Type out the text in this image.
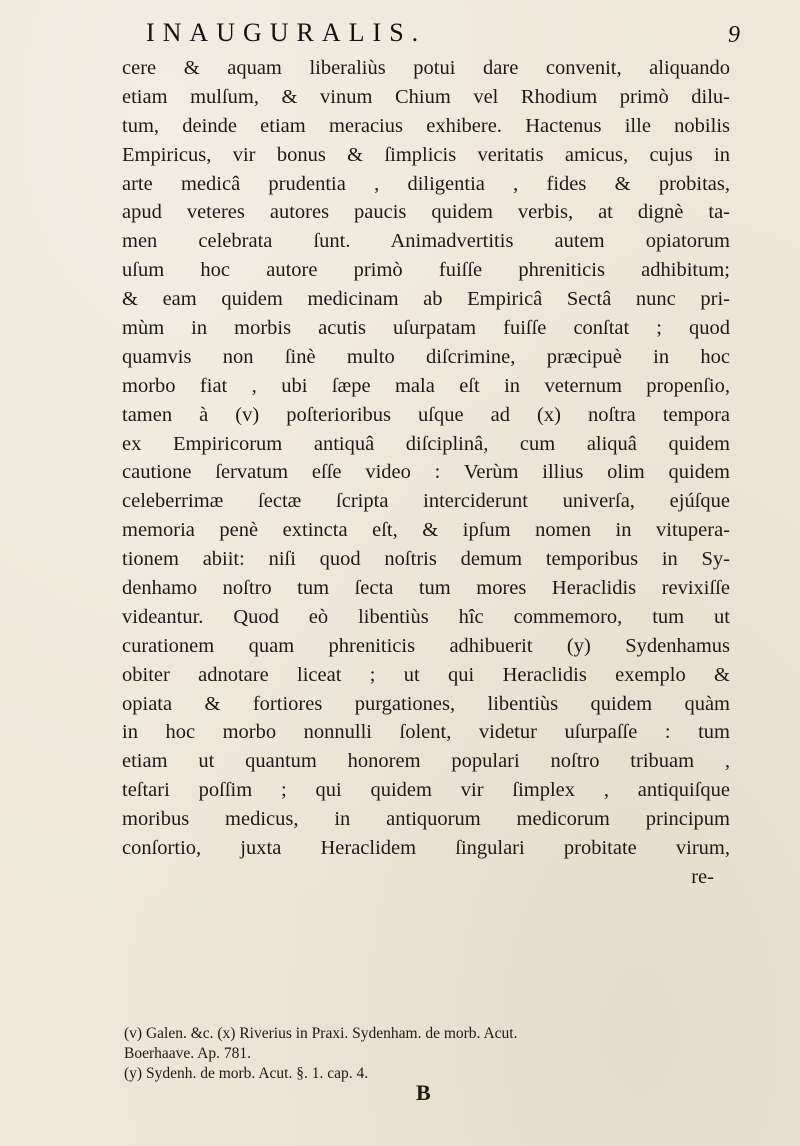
INAUGURALIS.	9
cere & aquam liberaliùs potui dare convenit, aliquando
etiam mulſum, & vinum Chium vel Rhodium primò dilu-
tum, deinde etiam meracius exhibere. Hactenus ille nobilis
Empiricus, vir bonus & ſimplicis veritatis amicus, cujus in
arte medicâ prudentia , diligentia , fides & probitas,
apud veteres autores paucis quidem verbis, at dignè ta-
men celebrata ſunt. Animadvertitis autem opiatorum
uſum hoc autore primò fuiſſe phreniticis adhibitum;
& eam quidem medicinam ab Empiricâ Sectâ nunc pri-
mùm in morbis acutis uſurpatam fuiſſe conſtat ; quod
quamvis non ſinè multo diſcrimine, præcipuè in hoc
morbo fiat , ubi ſæpe mala eſt in veternum propenſio,
tamen à (v) poſterioribus uſque ad (x) noſtra tempora
ex Empiricorum antiquâ diſciplinâ, cum aliquâ quidem
cautione ſervatum eſſe video : Verùm illius olim quidem
celeberrimæ ſectæ ſcripta interciderunt univerſa, ejúſque
memoria penè extincta eſt, & ipſum nomen in vitupera-
tionem abiit: niſi quod noſtris demum temporibus in Sy-
denhamo noſtro tum ſecta tum mores Heraclidis revixiſſe
videantur. Quod eò libentiùs hîc commemoro, tum ut
curationem quam phreniticis adhibuerit (y) Sydenhamus
obiter adnotare liceat ; ut qui Heraclidis exemplo &
opiata & fortiores purgationes, libentiùs quidem quàm
in hoc morbo nonnulli ſolent, videtur uſurpaſſe : tum
etiam ut quantum honorem populari noſtro tribuam ,
teſtari poſſim ; qui quidem vir ſimplex , antiquiſque
moribus medicus, in antiquorum medicorum principum
conſortio, juxta Heraclidem ſingulari probitate virum,
re-
(v) Galen. &c. (x) Riverius in Praxi. Sydenham. de morb. Acut.
Boerhaave. Ap. 781.
(y) Sydenh. de morb. Acut. §. 1. cap. 4.
B
